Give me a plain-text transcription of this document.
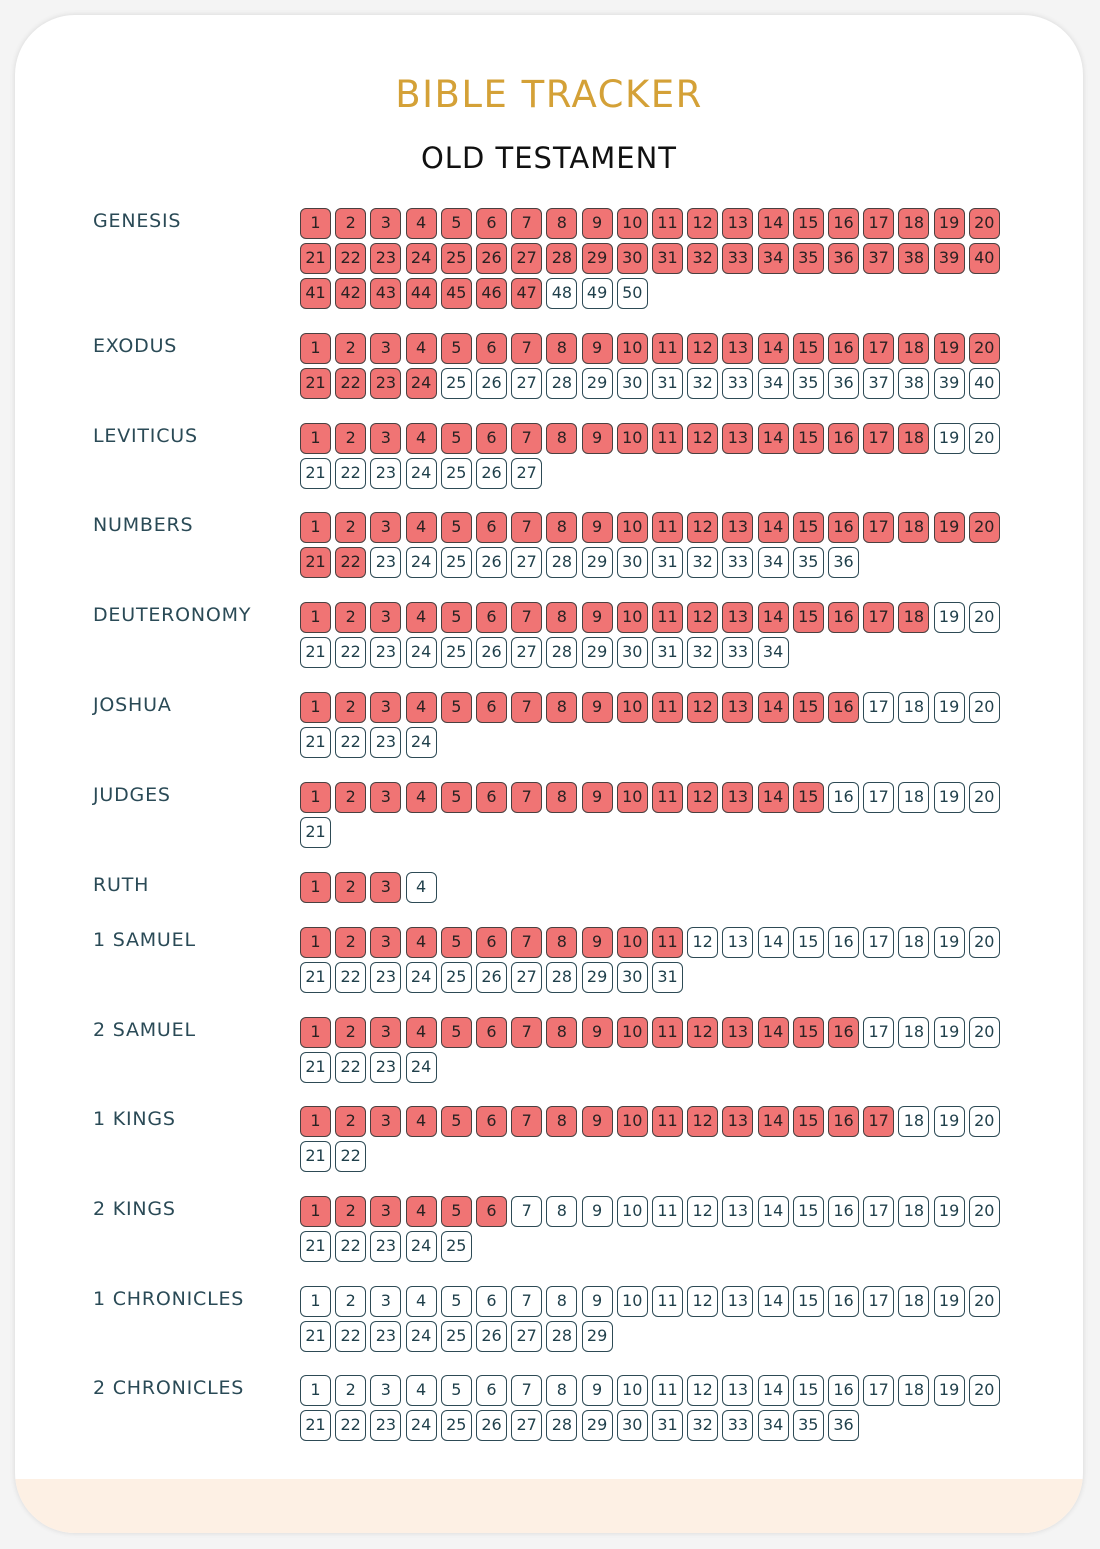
BIBLE TRACKER
OLD TESTAMENT
GENESIS	1	2	3	4	5	6	7	8	9	10 11 12 13 14 15 16 17 18 19 20
21 22 23 24 25 26 27 28 29 30 31 32 33 34 35 36 37 38 39 40
41 42 43 44 45 46 47 48 49 50
EXODUS	1	2	3	4	5	6	7	8	9	10 11 12 13 14 15 16 17 18 19 20
21 22 23 24 25 26 27 28 29 30 31 32 33 34 35 36 37 38 39 40
LEVITICUS	1	2	3	4	5	6	7	8	9	10 11 12 13 14 15 16 17 18 19 20
21 22 23 24 25 26 27
NUMBERS	1	2	3	4	5	6	7	8	9	10 11 12 13 14 15 16 17 18 19 20
21 22 23 24 25 26 27 28 29 30 31 32 33 34 35 36
DEUTERONOMY	1	2	3	4	5	6	7	8	9	10 11 12 13 14 15 16 17 18 19 20
21 22 23 24 25 26 27 28 29 30 31 32 33 34
JOSHUA	1	2	3	4	5	6	7	8	9	10 11 12 13 14 15 16 17 18 19 20
21 22 23 24
JUDGES	1	2	3	4	5	6	7	8	9	10 11 12 13 14 15 16 17 18 19 20
21
RUTH	1	2	3	4
1 SAMUEL	1	2	3	4	5	6	7	8	9	10 11 12 13 14 15 16 17 18 19 20
21 22 23 24 25 26 27 28 29 30 31
2 SAMUEL	1	2	3	4	5	6	7	8	9	10 11 12 13 14 15 16 17 18 19 20
21 22 23 24
1 KINGS	1	2	3	4	5	6	7	8	9	10 11 12 13 14 15 16 17 18 19 20
21 22
2 KINGS	1	2	3	4	5	6	7	8	9	10 11 12 13 14 15 16 17 18 19 20
21 22 23 24 25
1 CHRONICLES	1	2	3	4	5	6	7	8	9	10 11 12 13 14 15 16 17 18 19 20
21 22 23 24 25 26 27 28 29
2 CHRONICLES	1	2	3	4	5	6	7	8	9	10 11 12 13 14 15 16 17 18 19 20
21 22 23 24 25 26 27 28 29 30 31 32 33 34 35 36
